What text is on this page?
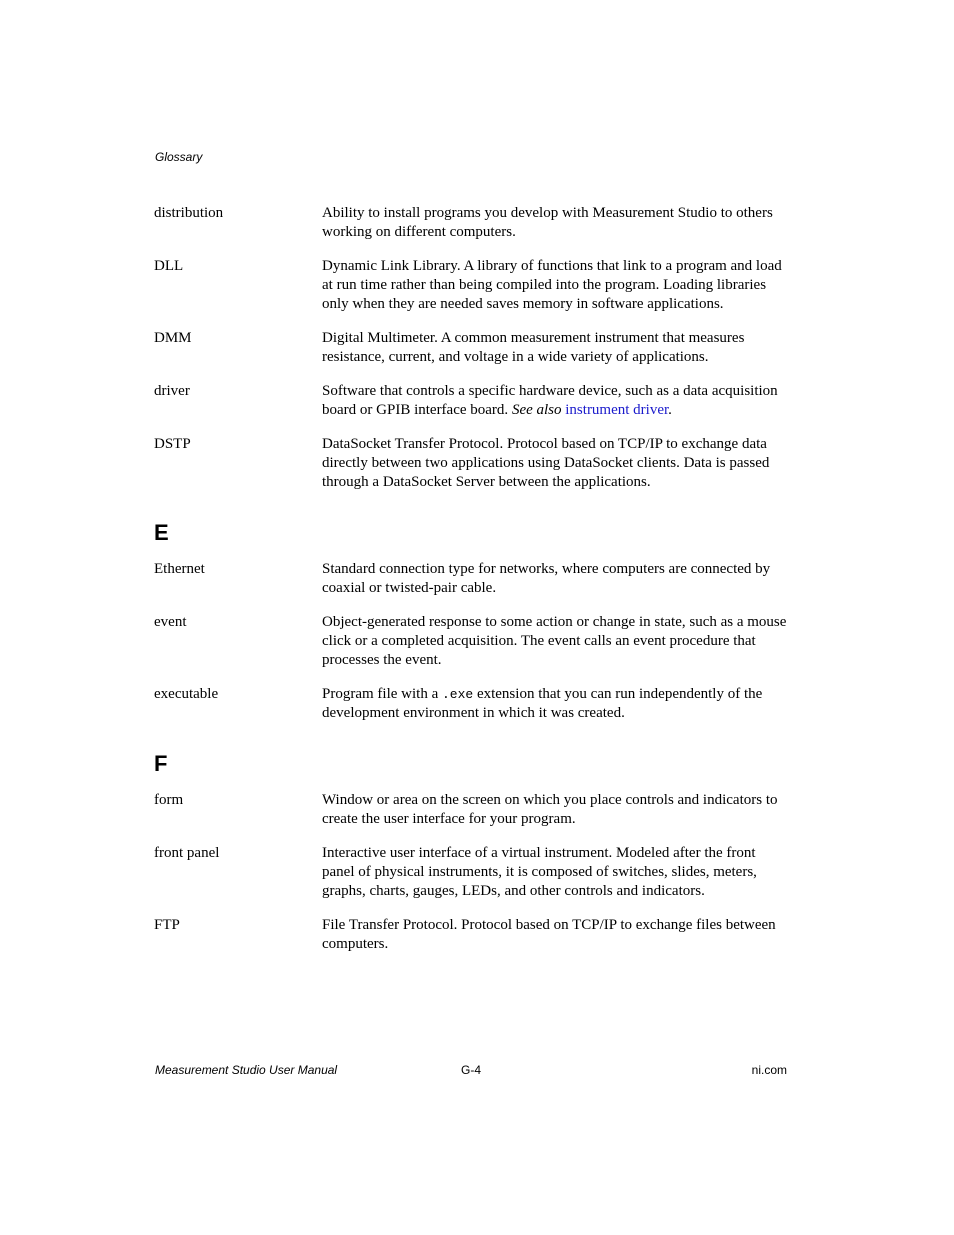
Glossary
distribution	Ability to install programs you develop with Measurement Studio to others working on different computers.
DLL	Dynamic Link Library. A library of functions that link to a program and load at run time rather than being compiled into the program. Loading libraries only when they are needed saves memory in software applications.
DMM	Digital Multimeter. A common measurement instrument that measures resistance, current, and voltage in a wide variety of applications.
driver	Software that controls a specific hardware device, such as a data acquisition board or GPIB interface board. See also instrument driver.
DSTP	DataSocket Transfer Protocol. Protocol based on TCP/IP to exchange data directly between two applications using DataSocket clients. Data is passed through a DataSocket Server between the applications.
E
Ethernet	Standard connection type for networks, where computers are connected by coaxial or twisted-pair cable.
event	Object-generated response to some action or change in state, such as a mouse click or a completed acquisition. The event calls an event procedure that processes the event.
executable	Program file with a .exe extension that you can run independently of the development environment in which it was created.
F
form	Window or area on the screen on which you place controls and indicators to create the user interface for your program.
front panel	Interactive user interface of a virtual instrument. Modeled after the front panel of physical instruments, it is composed of switches, slides, meters, graphs, charts, gauges, LEDs, and other controls and indicators.
FTP	File Transfer Protocol. Protocol based on TCP/IP to exchange files between computers.
Measurement Studio User Manual	G-4	ni.com
